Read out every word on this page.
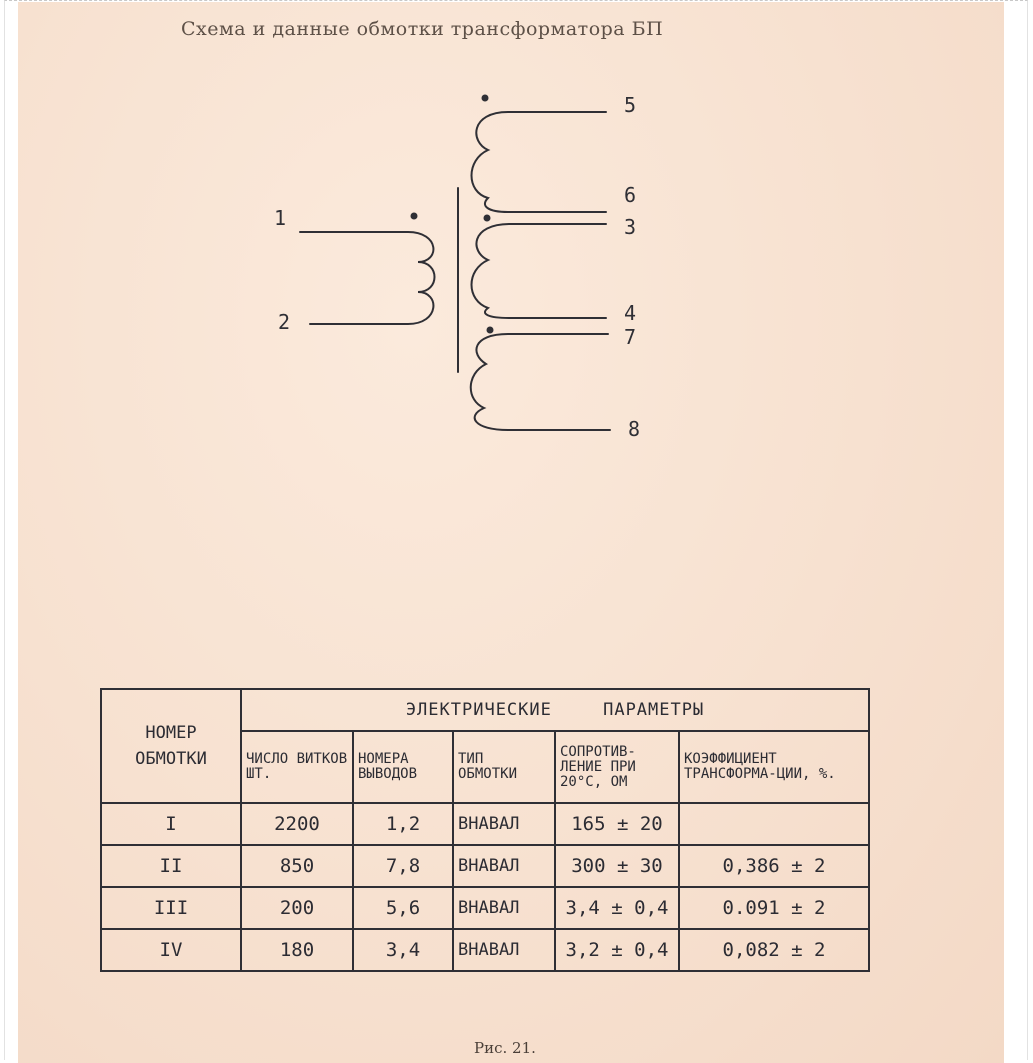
Схема и данные обмотки трансформатора БП
1
2
3
4
5
6
7
8
НОМЕР ОБМОТКИ	ЭЛЕКТРИЧЕСКИЕ ПАРАМЕТРЫ				
	ЧИСЛО ВИТКОВ ШТ.	НОМЕРА ВЫВОДОВ	ТИП ОБМОТКИ	СОПРОТИВ-ЛЕНИЕ ПРИ 20°С, ОМ	КОЭФФИЦИЕНТ ТРАНСФОРМА-ЦИИ, %.
I	2200	1,2	ВНАВАЛ	165 ± 20	
II	850	7,8	ВНАВАЛ	300 ± 30	0,386 ± 2
III	200	5,6	ВНАВАЛ	3,4 ± 0,4	0.091 ± 2
IV	180	3,4	ВНАВАЛ	3,2 ± 0,4	0,082 ± 2
Рис. 21.
